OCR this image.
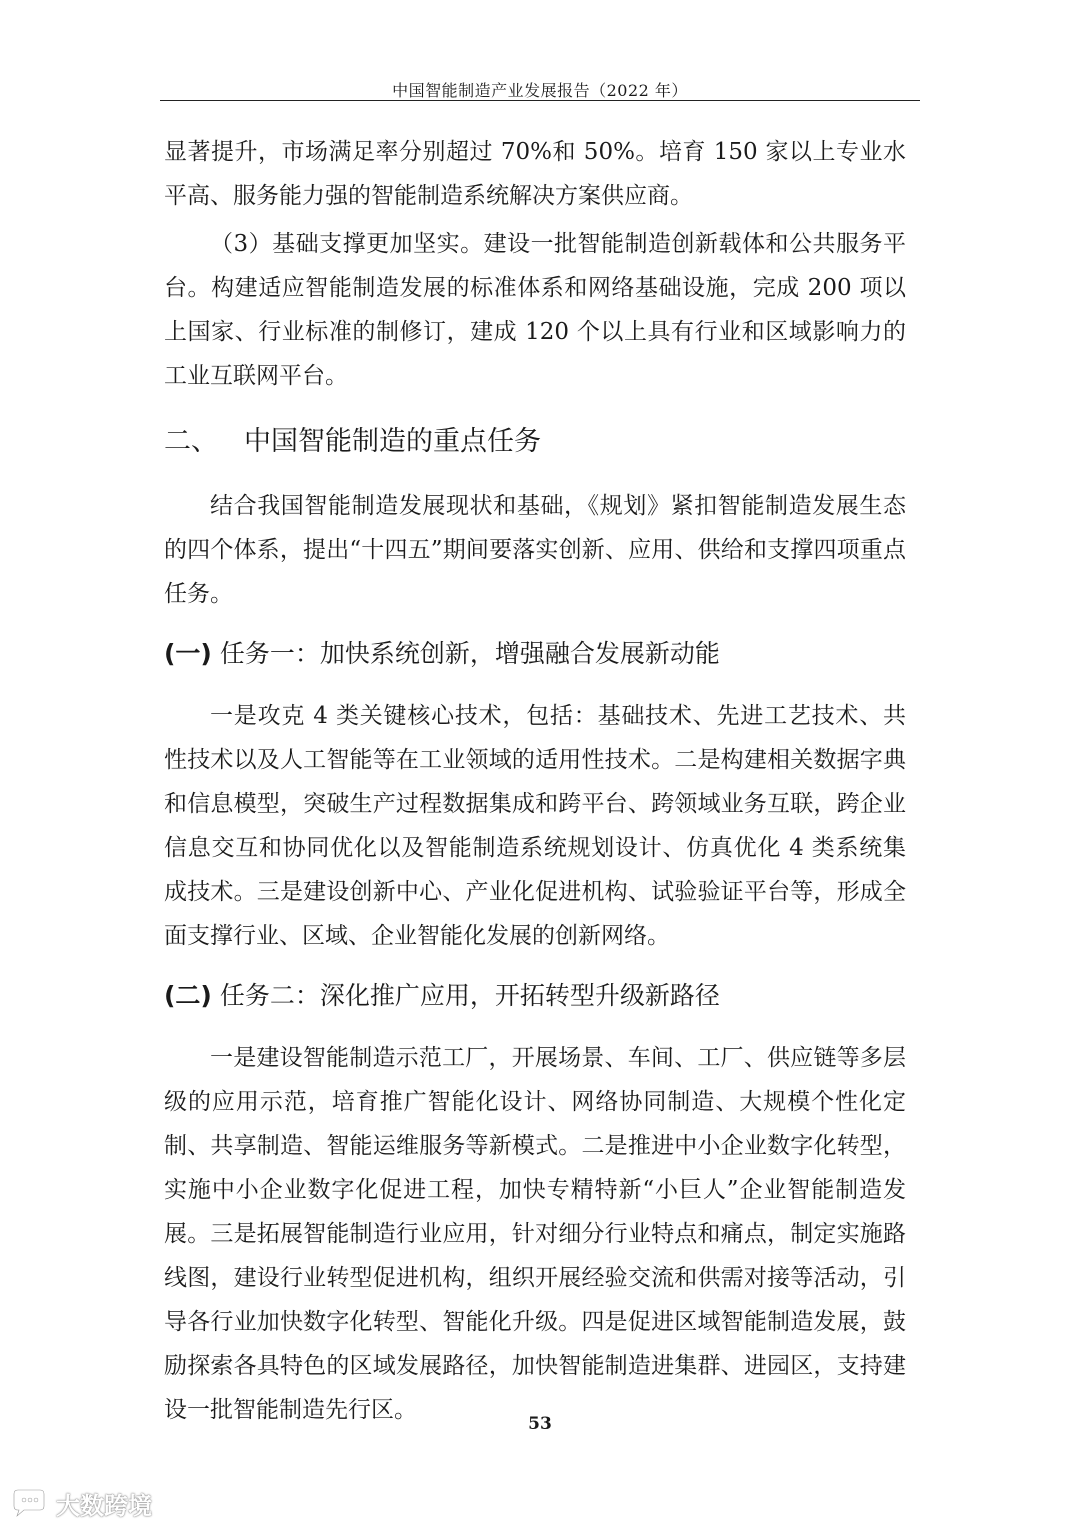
中国智能制造产业发展报告（2022 年）

显著提升，市场满足率分别超过 70%和 50%。培育 150 家以上专业水平高、服务能力强的智能制造系统解决方案供应商。

（3）基础支撑更加坚实。建设一批智能制造创新载体和公共服务平台。构建适应智能制造发展的标准体系和网络基础设施，完成 200 项以上国家、行业标准的制修订，建成 120 个以上具有行业和区域影响力的工业互联网平台。

二、 中国智能制造的重点任务

结合我国智能制造发展现状和基础，《规划》紧扣智能制造发展生态的四个体系，提出“十四五”期间要落实创新、应用、供给和支撑四项重点任务。

(一) 任务一：加快系统创新，增强融合发展新动能

一是攻克 4 类关键核心技术，包括：基础技术、先进工艺技术、共性技术以及人工智能等在工业领域的适用性技术。二是构建相关数据字典和信息模型，突破生产过程数据集成和跨平台、跨领域业务互联，跨企业信息交互和协同优化以及智能制造系统规划设计、仿真优化 4 类系统集成技术。三是建设创新中心、产业化促进机构、试验验证平台等，形成全面支撑行业、区域、企业智能化发展的创新网络。

(二) 任务二：深化推广应用，开拓转型升级新路径

一是建设智能制造示范工厂，开展场景、车间、工厂、供应链等多层级的应用示范，培育推广智能化设计、网络协同制造、大规模个性化定制、共享制造、智能运维服务等新模式。二是推进中小企业数字化转型，实施中小企业数字化促进工程，加快专精特新“小巨人”企业智能制造发展。三是拓展智能制造行业应用，针对细分行业特点和痛点，制定实施路线图，建设行业转型促进机构，组织开展经验交流和供需对接等活动，引导各行业加快数字化转型、智能化升级。四是促进区域智能制造发展，鼓励探索各具特色的区域发展路径，加快智能制造进集群、进园区，支持建设一批智能制造先行区。

53
大数跨境
